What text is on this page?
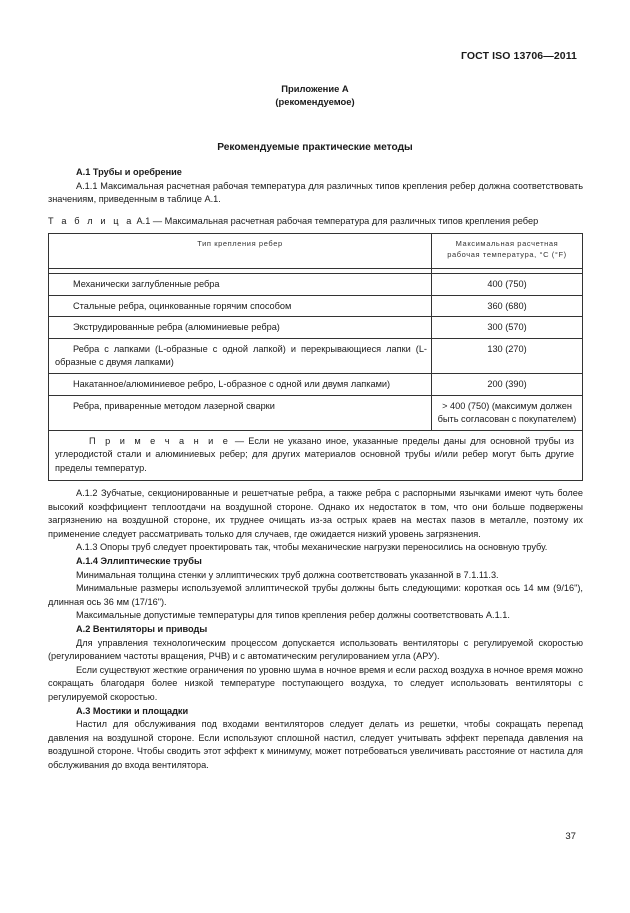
ГОСТ ISO 13706—2011
Приложение А
(рекомендуемое)
Рекомендуемые практические методы
А.1 Трубы и оребрение

А.1.1 Максимальная расчетная рабочая температура для различных типов крепления ребер должна соответствовать значениям, приведенным в таблице А.1.

Т а б л и ц а А.1 — Максимальная расчетная рабочая температура для различных типов крепления ребер
Тип крепления ребер	Максимальная расчетная
рабочая температура, °С (°F)

Механически заглубленные ребра	400 (750)
Стальные ребра, оцинкованные горячим способом	360 (680)
Экструдированные ребра (алюминиевые ребра)	300 (570)
Ребра с лапками (L-образные с одной лапкой) и перекрывающиеся лапки (L-образные с двумя лапками)	130 (270)
Накатанное/алюминиевое ребро, L-образное с одной или двумя лапками)	200 (390)
Ребра, приваренные методом лазерной сварки	> 400 (750) (максимум должен быть согласован с покупателем)
П р и м е ч а н и е — Если не указано иное, указанные пределы даны для основной трубы из углеродистой стали и алюминиевых ребер; для других материалов основной трубы и/или ребер могут быть другие пределы температур.	

А.1.2 Зубчатые, секционированные и решетчатые ребра, а также ребра с распорными язычками имеют чуть более высокий коэффициент теплоотдачи на воздушной стороне. Однако их недостаток в том, что они больше подвержены загрязнению на воздушной стороне, их труднее очищать из-за острых краев на местах пазов в металле, поэтому их применение следует рассматривать только для случаев, где ожидается низкий уровень загрязнения.

А.1.3 Опоры труб следует проектировать так, чтобы механические нагрузки переносились на основную трубу.

А.1.4 Эллиптические трубы

Минимальная толщина стенки у эллиптических труб должна соответствовать указанной в 7.1.11.3.

Минимальные размеры используемой эллиптической трубы должны быть следующими: короткая ось 14 мм (9/16"), длинная ось 36 мм (17/16").

Максимальные допустимые температуры для типов крепления ребер должны соответствовать А.1.1.

А.2 Вентиляторы и приводы

Для управления технологическим процессом допускается использовать вентиляторы с регулируемой скоростью (регулированием частоты вращения, РЧВ) и с автоматическим регулированием угла (АРУ).

Если существуют жесткие ограничения по уровню шума в ночное время и если расход воздуха в ночное время можно сокращать благодаря более низкой температуре поступающего воздуха, то следует использовать вентиляторы с регулируемой скоростью.

А.3 Мостики и площадки

Настил для обслуживания под входами вентиляторов следует делать из решетки, чтобы сокращать перепад давления на воздушной стороне. Если используют сплошной настил, следует учитывать эффект перепада давления на воздушной стороне. Чтобы сводить этот эффект к минимуму, может потребоваться увеличивать расстояние от настила для обслуживания до входа вентилятора.

37
